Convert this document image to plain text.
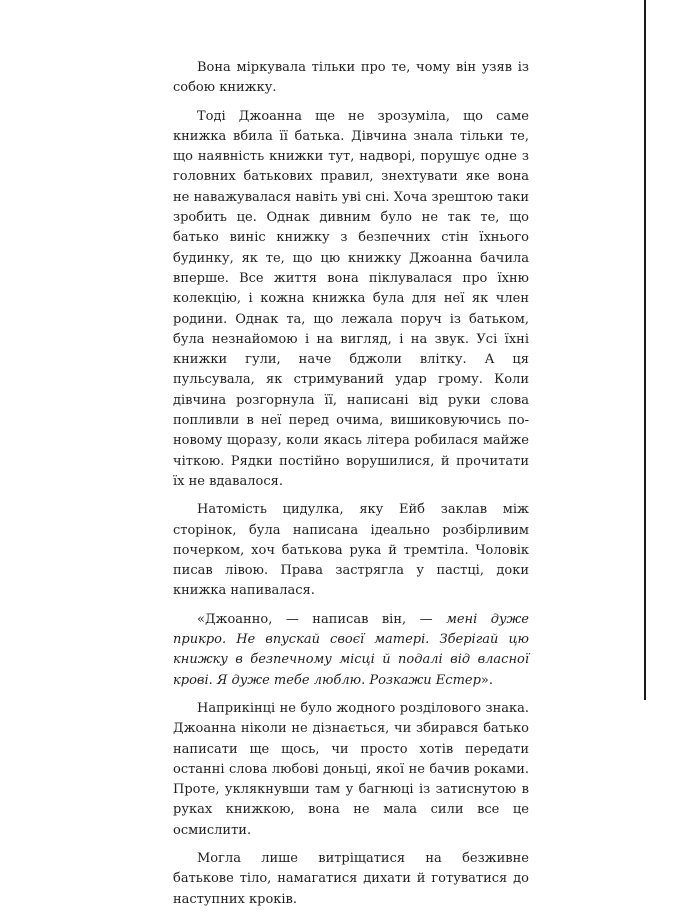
Вона міркувала тільки про те, чому він узяв із собою книжку.

Тоді Джоанна ще не зрозуміла, що саме книжка вбила її батька. Дівчина знала тільки те, що наявність книжки тут, надворі, порушує одне з головних батькових правил, знехтувати яке вона не наважувалася навіть уві сні. Хоча зрештою таки зробить це. Однак дивним було не так те, що батько виніс книжку з безпечних стін їхнього будинку, як те, що цю книжку Джоанна бачила вперше. Все життя вона піклувалася про їхню колекцію, і кожна книжка була для неї як член родини. Однак та, що лежала поруч із батьком, була незнайомою і на вигляд, і на звук. Усі їхні книжки гули, наче бджоли влітку. А ця пульсувала, як стримуваний удар грому. Коли дівчина розгорнула її, написані від руки слова попливли в неї перед очима, вишиковуючись по-новому щоразу, коли якась літера робилася майже чіткою. Рядки постійно ворушилися, й прочитати їх не вдавалося.

Натомість цидулка, яку Ейб заклав між сторінок, була написана ідеально розбірливим почерком, хоч батькова рука й тремтіла. Чоловік писав лівою. Права застрягла у пастці, доки книжка напивалася.

«Джоанно, — написав він, — мені дуже прикро. Не впускай своєї матері. Зберігай цю книжку в безпечному місці й подалі від власної крові. Я дуже тебе люблю. Розкажи Естер».

Наприкінці не було жодного розділового знака. Джоанна ніколи не дізнається, чи збирався батько написати ще щось, чи просто хотів передати останні слова любові доньці, якої не бачив роками. Проте, уклякнувши там у багнюці із затиснутою в руках книжкою, вона не мала сили все це осмислити.

Могла лише витріщатися на безживне батькове тіло, намагатися дихати й готуватися до наступних кроків.
